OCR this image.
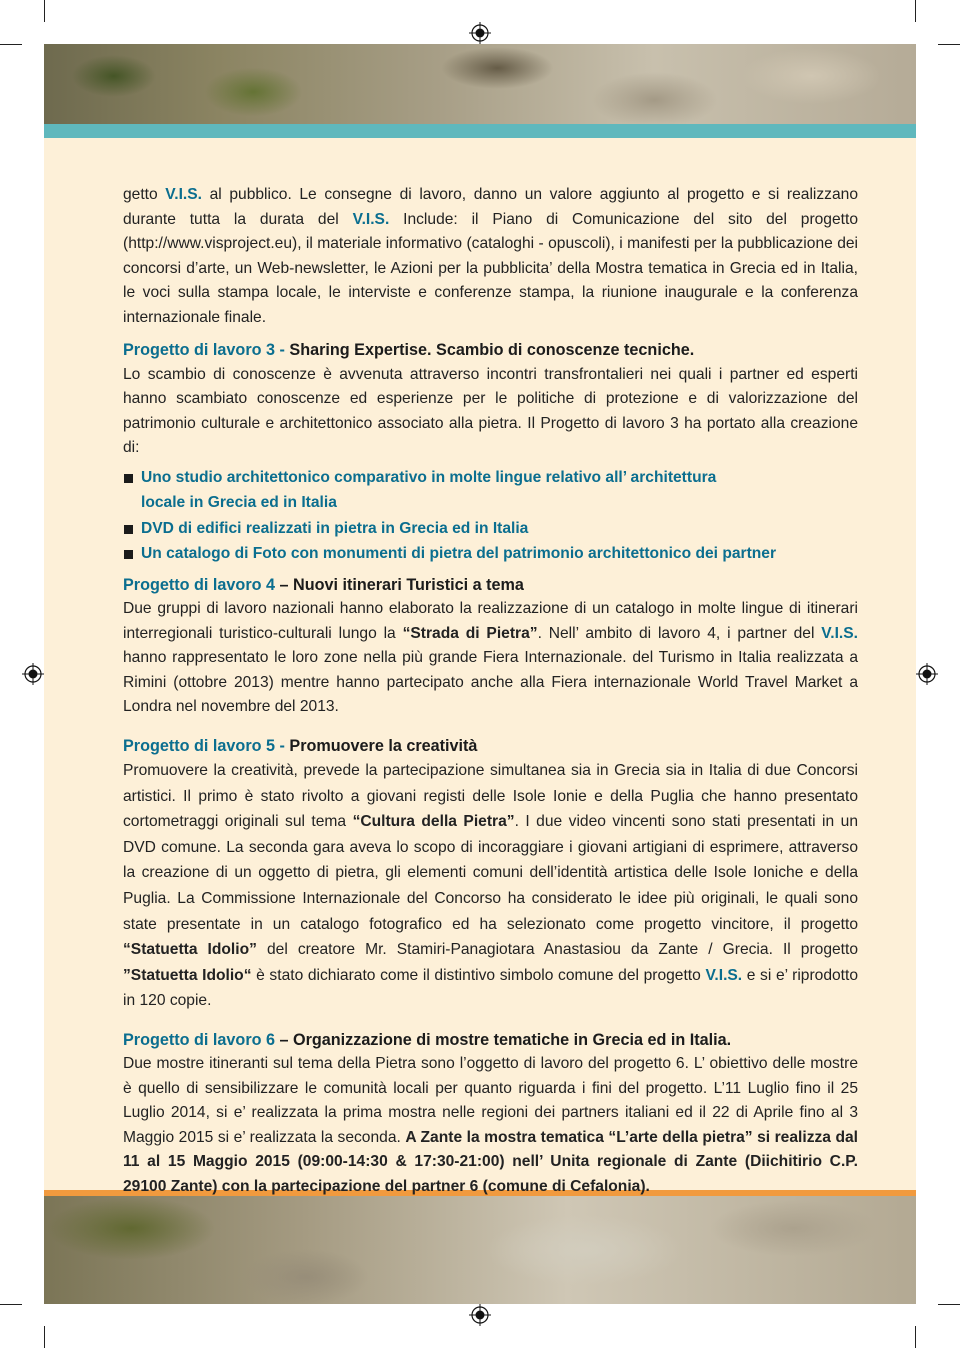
getto V.I.S. al pubblico. Le consegne di lavoro, danno un valore aggiunto al progetto e si realizzano durante tutta la durata del V.I.S. Include: il Piano di Comunicazione del sito del progetto (http://www.visproject.eu), il materiale informativo (cataloghi - opuscoli), i manifesti per la pubblicazione dei concorsi d’arte, un Web-newsletter, le Azioni per la pubblicita’ della Mostra tematica in Grecia ed in Italia, le voci sulla stampa locale, le interviste e conferenze stampa, la riunione inaugurale e la conferenza internazionale finale.

Progetto di lavoro 3 - Sharing Expertise. Scambio di conoscenze tecniche.

Lo scambio di conoscenze è avvenuta attraverso incontri transfrontalieri nei quali i partner ed esperti hanno scambiato conoscenze ed esperienze per le politiche di protezione e di valorizzazione del patrimonio culturale e architettonico associato alla pietra. Il Progetto di lavoro 3 ha portato alla creazione di:

Uno studio architettonico comparativo in molte lingue relativo all’ architettura
locale in Grecia ed in Italia

DVD di edifici realizzati in pietra in Grecia ed in Italia

Un catalogo di Foto con monumenti di pietra del patrimonio architettonico dei partner

Progetto di lavoro 4 – Nuovi itinerari Turistici a tema

Due gruppi di lavoro nazionali hanno elaborato la realizzazione di un catalogo in molte lingue di itinerari interregionali turistico-culturali lungo la “Strada di Pietra”. Nell’ ambito di lavoro 4, i partner del V.I.S. hanno rappresentato le loro zone nella più grande Fiera Internazionale. del Turismo in Italia realizzata a Rimini (ottobre 2013) mentre hanno partecipato anche alla Fiera internazionale World Travel Market a Londra nel novembre del 2013.

Progetto di lavoro 5 - Promuovere la creatività

Promuovere la creatività, prevede la partecipazione simultanea sia in Grecia sia in Italia di due Concorsi artistici. Il primo è stato rivolto a giovani registi delle Isole Ionie e della Puglia che hanno presentato cortometraggi originali sul tema “Cultura della Pietra”. I due video vincenti sono stati presentati in un DVD comune. La seconda gara aveva lo scopo di incoraggiare i giovani artigiani di esprimere, attraverso la creazione di un oggetto di pietra, gli elementi comuni dell’identità artistica delle Isole Ioniche e della Puglia. La Commissione Internazionale del Concorso ha considerato le idee più originali, le quali sono state presentate in un catalogo fotografico ed ha selezionato come progetto vincitore, il progetto “Statuetta Idolio” del creatore Mr. Stamiri-Panagiotara Anastasiou da Zante / Grecia. Il progetto ”Statuetta Idolio“ è stato dichiarato come il distintivo simbolo comune del progetto V.I.S. e si e’ riprodotto in 120 copie.

Progetto di lavoro 6 – Organizzazione di mostre tematiche in Grecia ed in Italia.

Due mostre itineranti sul tema della Pietra sono l’oggetto di lavoro del progetto 6. L’ obiettivo delle mostre è quello di sensibilizzare le comunità locali per quanto riguarda i fini del progetto. L’11 Luglio fino il 25 Luglio 2014, si e’ realizzata la prima mostra nelle regioni dei partners italiani ed il 22 di Aprile fino al 3 Maggio 2015 si e’ realizzata la seconda. A Zante la mostra tematica “L’arte della pietra” si realizza dal 11 al 15 Maggio 2015 (09:00-14:30 & 17:30-21:00) nell’ Unita regionale di Zante (Diichitirio C.P. 29100 Zante) con la partecipazione del partner 6 (comune di Cefalonia).
